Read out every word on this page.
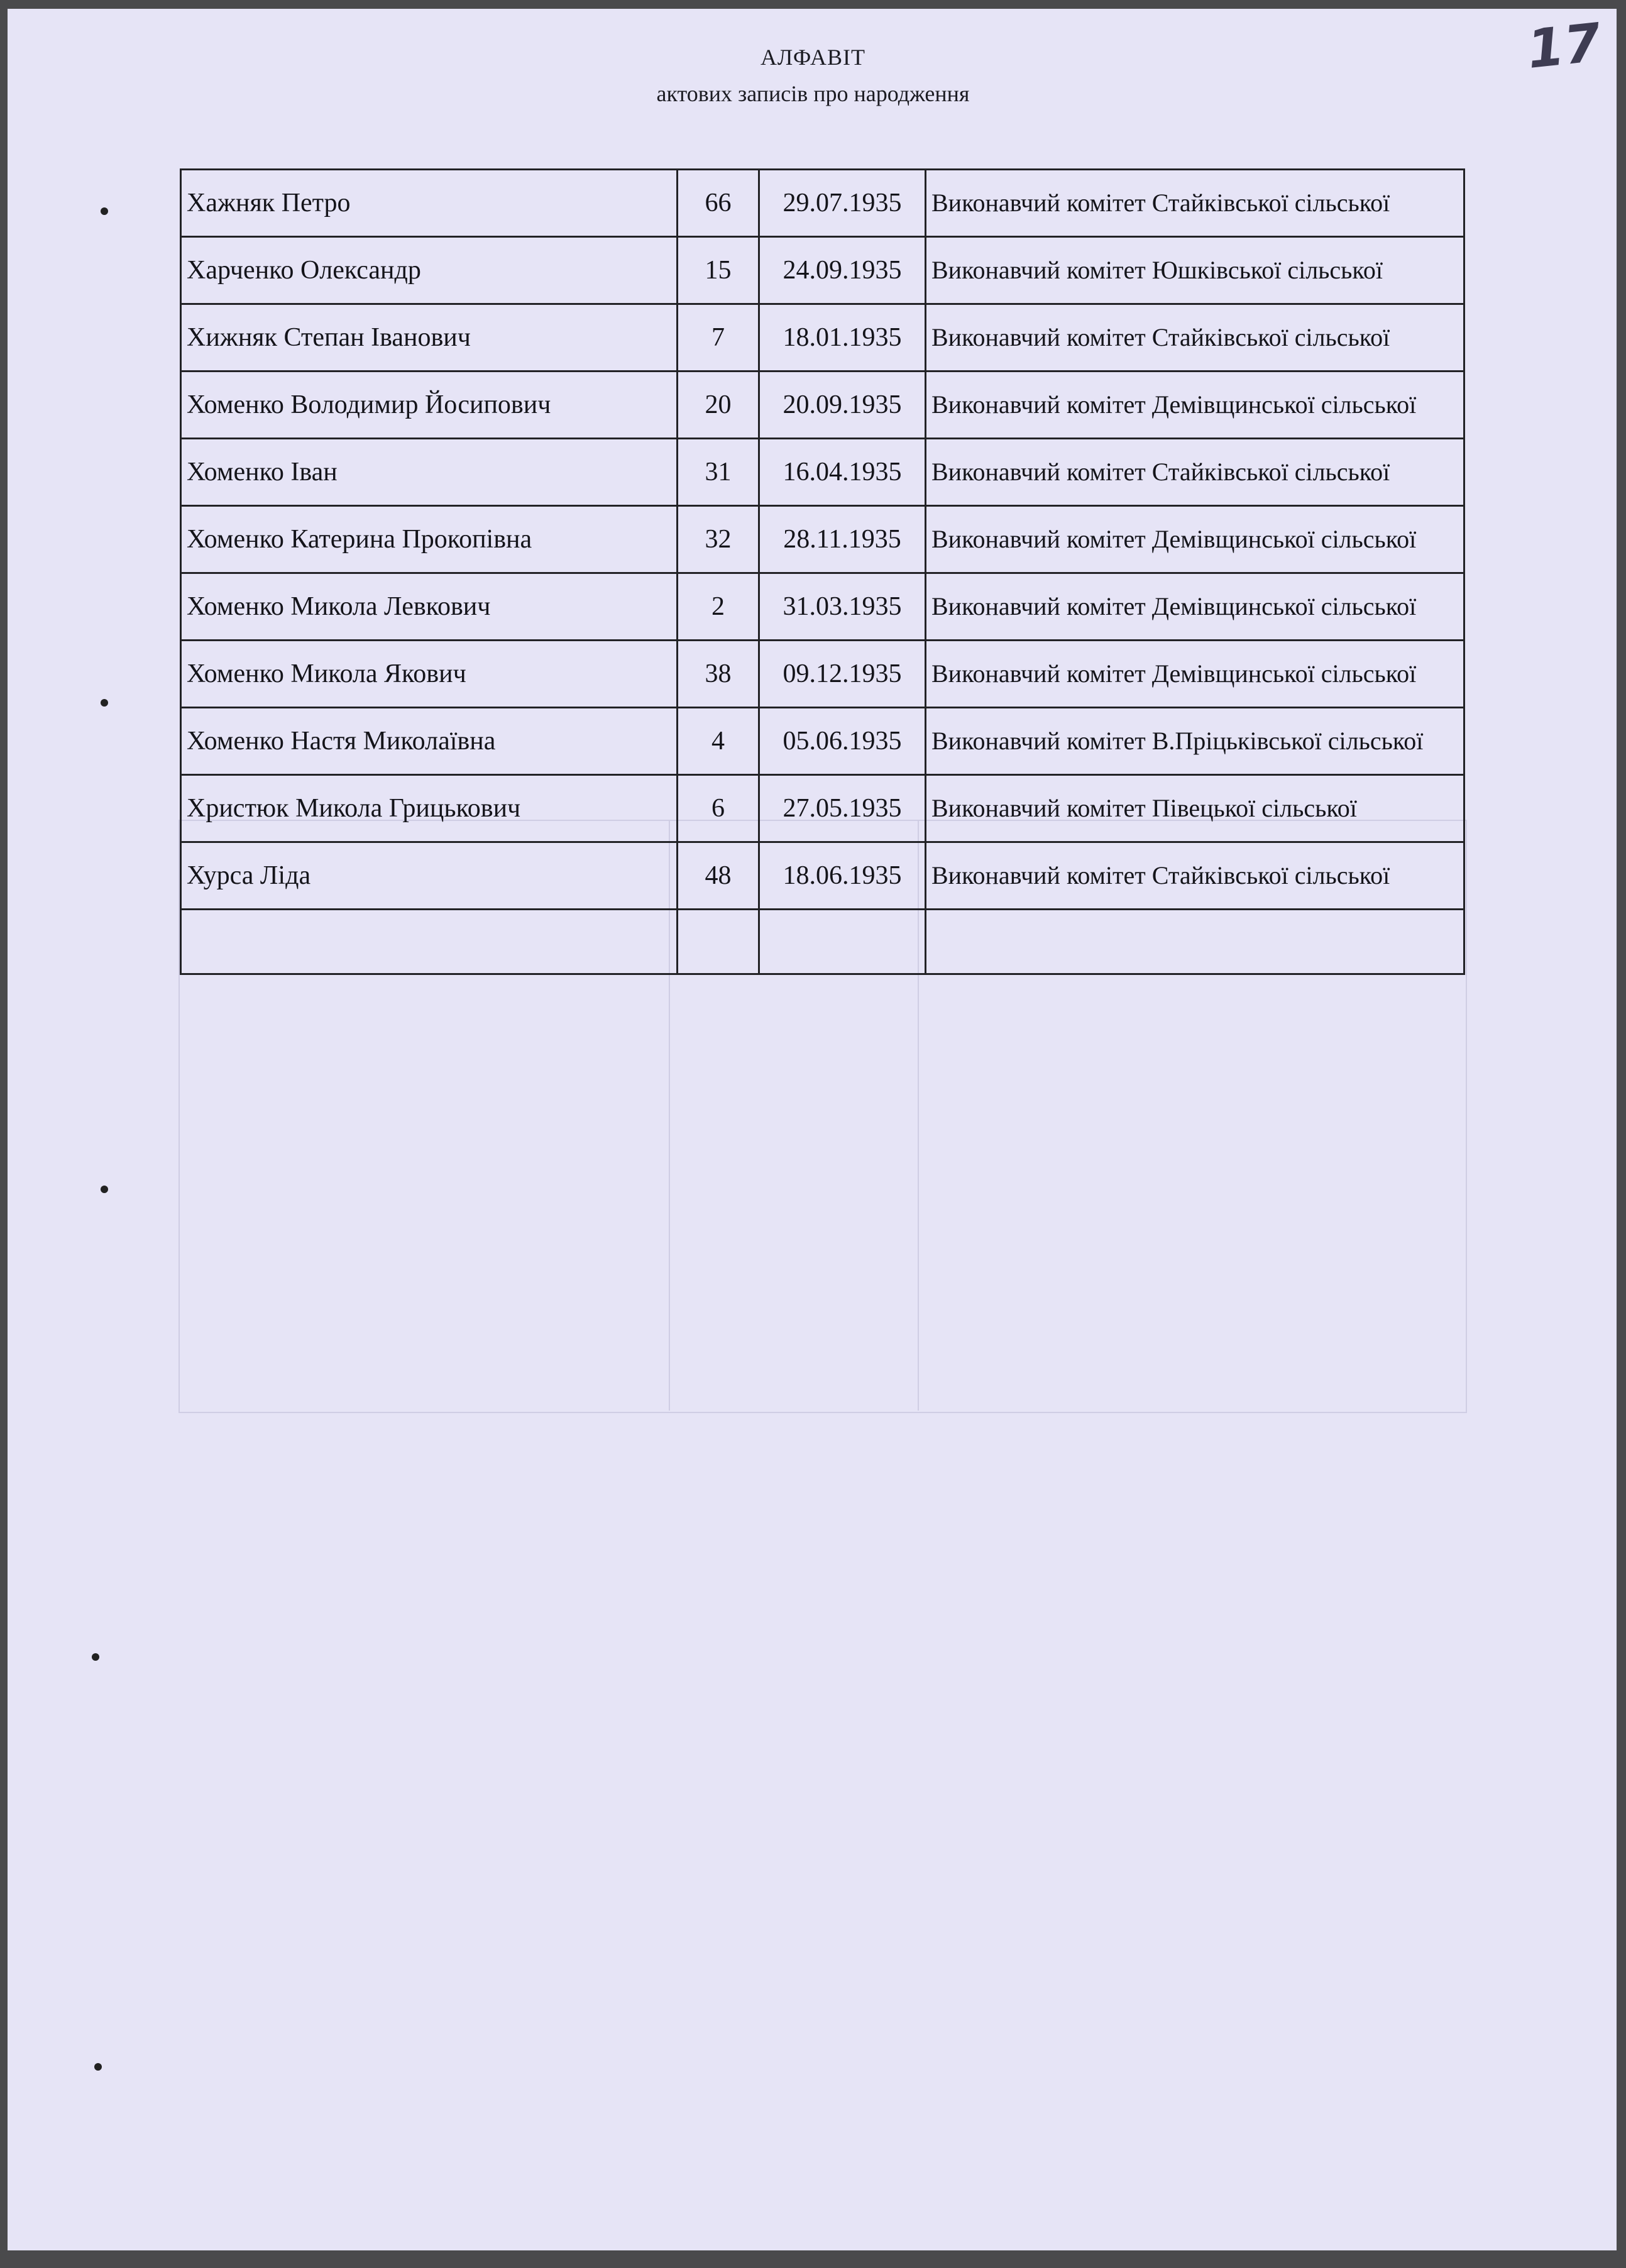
17
АЛФАВІТ
актових записів про народження
Хажняк Петро	66	29.07.1935	Виконавчий комітет Стайківської сільської
Харченко Олександр	15	24.09.1935	Виконавчий комітет Юшківської сільської
Хижняк Степан Іванович	7	18.01.1935	Виконавчий комітет Стайківської сільської
Хоменко Володимир Йосипович	20	20.09.1935	Виконавчий комітет Демівщинської сільської
Хоменко Іван	31	16.04.1935	Виконавчий комітет Стайківської сільської
Хоменко Катерина Прокопівна	32	28.11.1935	Виконавчий комітет Демівщинської сільської
Хоменко Микола Левкович	2	31.03.1935	Виконавчий комітет Демівщинської сільської
Хоменко Микола Якович	38	09.12.1935	Виконавчий комітет Демівщинської сільської
Хоменко Настя Миколаївна	4	05.06.1935	Виконавчий комітет В.Пріцьківської сільської
Христюк Микола Грицькович	6	27.05.1935	Виконавчий комітет Півецької сільської
Хурса Ліда	48	18.06.1935	Виконавчий комітет Стайківської сільської
